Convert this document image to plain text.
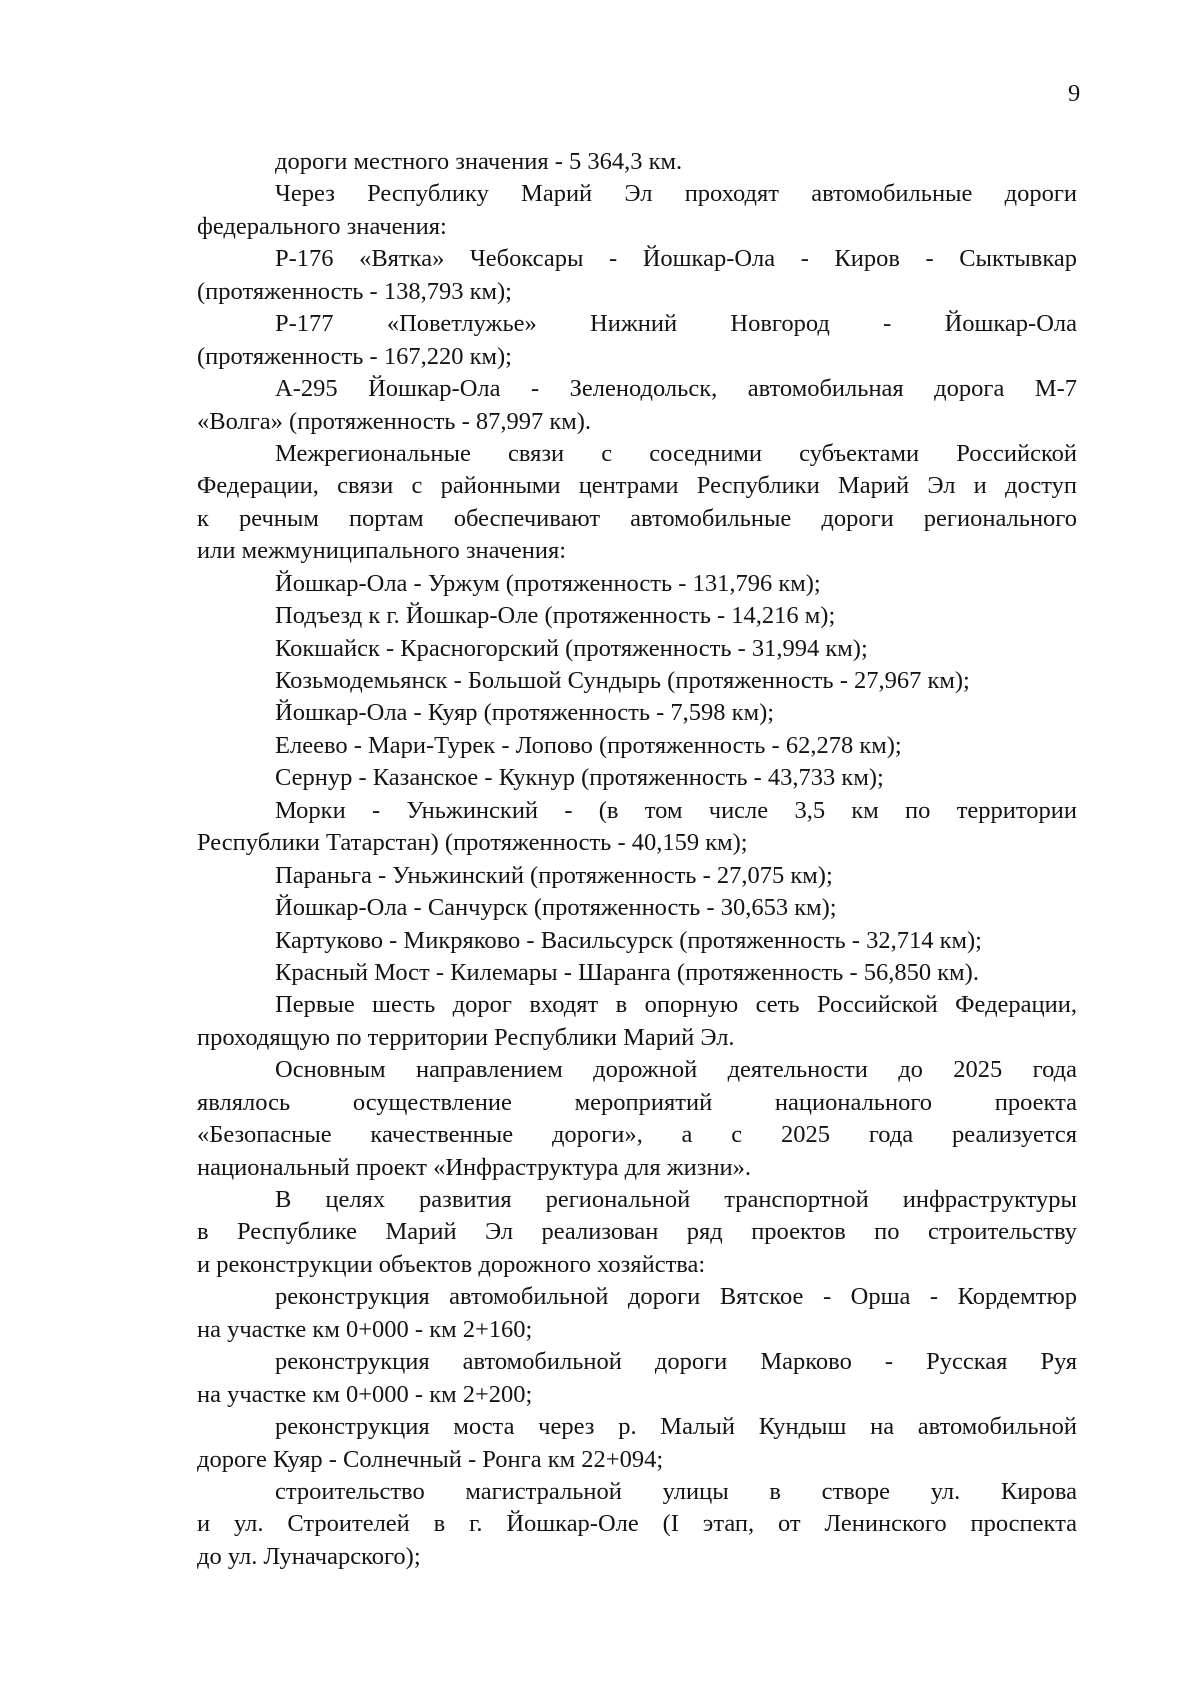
9
дороги местного значения - 5 364,3 км.
Через Республику Марий Эл проходят автомобильные дороги
федерального значения:
Р-176 «Вятка» Чебоксары - Йошкар-Ола - Киров - Сыктывкар
(протяженность - 138,793 км);
Р-177 «Поветлужье» Нижний Новгород - Йошкар-Ола
(протяженность - 167,220 км);
А-295 Йошкар-Ола - Зеленодольск, автомобильная дорога М-7
«Волга» (протяженность - 87,997 км).
Межрегиональные связи с соседними субъектами Российской
Федерации, связи с районными центрами Республики Марий Эл и доступ
к речным портам обеспечивают автомобильные дороги регионального
или межмуниципального значения:
Йошкар-Ола - Уржум (протяженность - 131,796 км);
Подъезд к г. Йошкар-Оле (протяженность - 14,216 м);
Кокшайск - Красногорский (протяженность - 31,994 км);
Козьмодемьянск - Большой Сундырь (протяженность - 27,967 км);
Йошкар-Ола - Куяр (протяженность - 7,598 км);
Елеево - Мари-Турек - Лопово (протяженность - 62,278 км);
Сернур - Казанское - Кукнур (протяженность - 43,733 км);
Морки - Уньжинский - (в том числе 3,5 км по территории
Республики Татарстан) (протяженность - 40,159 км);
Параньга - Уньжинский (протяженность - 27,075 км);
Йошкар-Ола - Санчурск (протяженность - 30,653 км);
Картуково - Микряково - Васильсурск (протяженность - 32,714 км);
Красный Мост - Килемары - Шаранга (протяженность - 56,850 км).
Первые шесть дорог входят в опорную сеть Российской Федерации,
проходящую по территории Республики Марий Эл.
Основным направлением дорожной деятельности до 2025 года
являлось осуществление мероприятий национального проекта
«Безопасные качественные дороги», а с 2025 года реализуется
национальный проект «Инфраструктура для жизни».
В целях развития региональной транспортной инфраструктуры
в Республике Марий Эл реализован ряд проектов по строительству
и реконструкции объектов дорожного хозяйства:
реконструкция автомобильной дороги Вятское - Орша - Кордемтюр
на участке км 0+000 - км 2+160;
реконструкция автомобильной дороги Марково - Русская Руя
на участке км 0+000 - км 2+200;
реконструкция моста через р. Малый Кундыш на автомобильной
дороге Куяр - Солнечный - Ронга км 22+094;
строительство магистральной улицы в створе ул. Кирова
и ул. Строителей в г. Йошкар-Оле (I этап, от Ленинского проспекта
до ул. Луначарского);
